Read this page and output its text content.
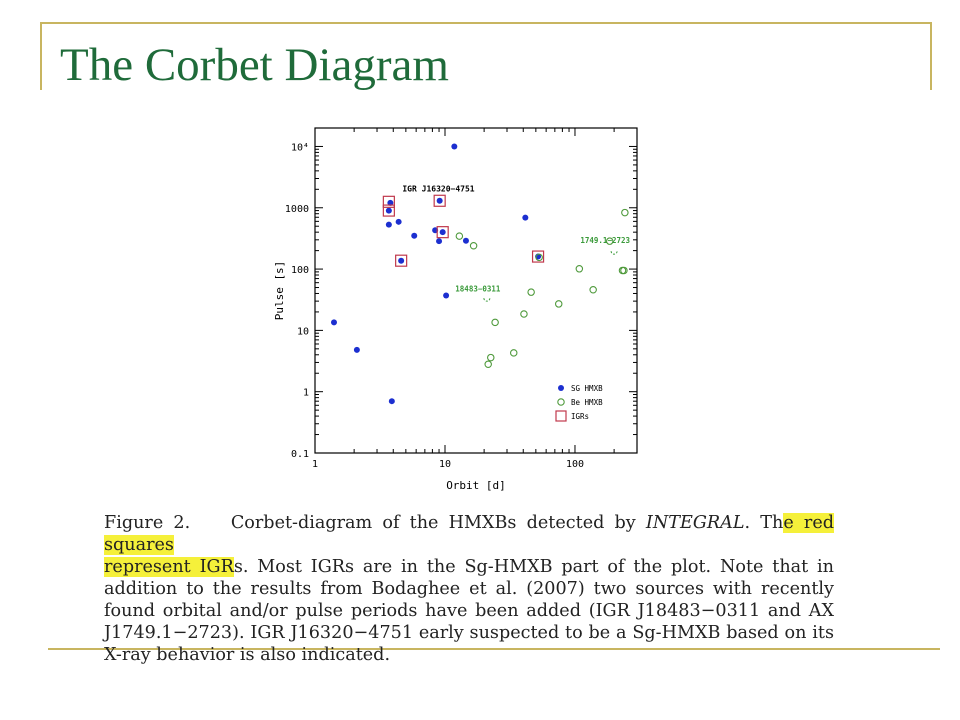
The Corbet Diagram
1	10	100
0.1
1
10
100
1000
10⁴
Orbit [d]
Pulse [s]
IGR J16320−4751
18483−0311
1749.1−2723
SG HMXB
Be HMXB
IGRs
Figure 2. Corbet-diagram of the HMXBs detected by INTEGRAL. The red squares
represent IGRs. Most IGRs are in the Sg-HMXB part of the plot. Note that in addition to the results from Bodaghee et al. (2007) two sources with recently found orbital and/or pulse periods have been added (IGR J18483−0311 and AX J1749.1−2723). IGR J16320−4751 early suspected to be a Sg-HMXB based on its X-ray behavior is also indicated.
